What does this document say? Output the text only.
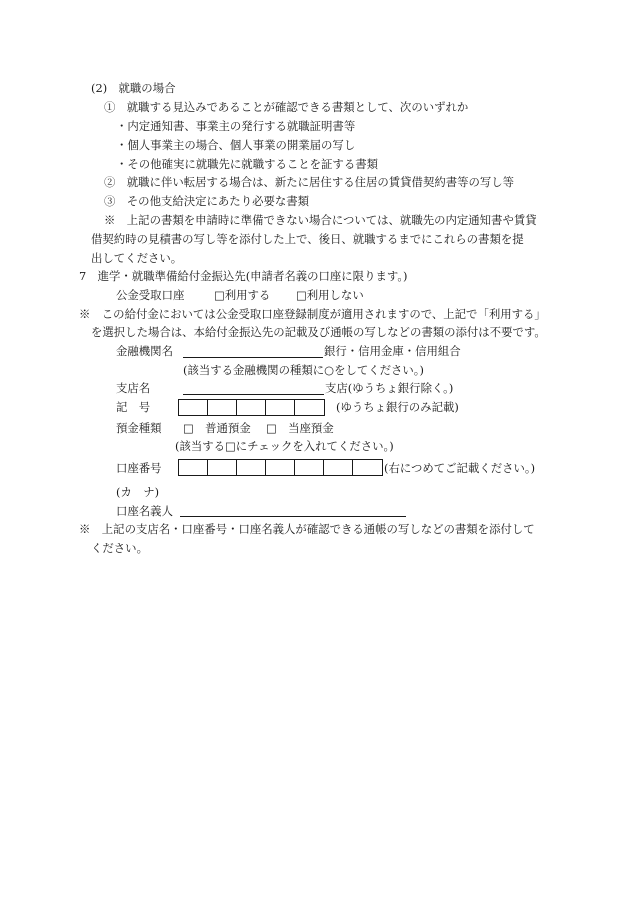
(2)　就職の場合
①　就職する見込みであることが確認できる書類として、次のいずれか
・内定通知書、事業主の発行する就職証明書等
・個人事業主の場合、個人事業の開業届の写し
・その他確実に就職先に就職することを証する書類
②　就職に伴い転居する場合は、新たに居住する住居の賃貸借契約書等の写し等
③　その他支給決定にあたり必要な書類
※　上記の書類を申請時に準備できない場合については、就職先の内定通知書や賃貸
借契約時の見積書の写し等を添付した上で、後日、就職するまでにこれらの書類を提
出してください。
7　進学・就職準備給付金振込先(申請者名義の口座に限ります。)
公金受取口座	□利用する □利用しない
※　この給付金においては公金受取口座登録制度が適用されますので、上記で「利用する」
を選択した場合は、本給付金振込先の記載及び通帳の写しなどの書類の添付は不要です。
金融機関名	銀行・信用金庫・信用組合
(該当する金融機関の種類に○をしてください。)
支店名	支店(ゆうちょ銀行除く。)
記　号	(ゆうちょ銀行のみ記載)
預金種類 □　普通預金 □　当座預金
(該当する□にチェックを入れてください。)
口座番号	(右につめてご記載ください。)
(カ　ナ)
口座名義人
※　上記の支店名・口座番号・口座名義人が確認できる通帳の写しなどの書類を添付して
ください。
